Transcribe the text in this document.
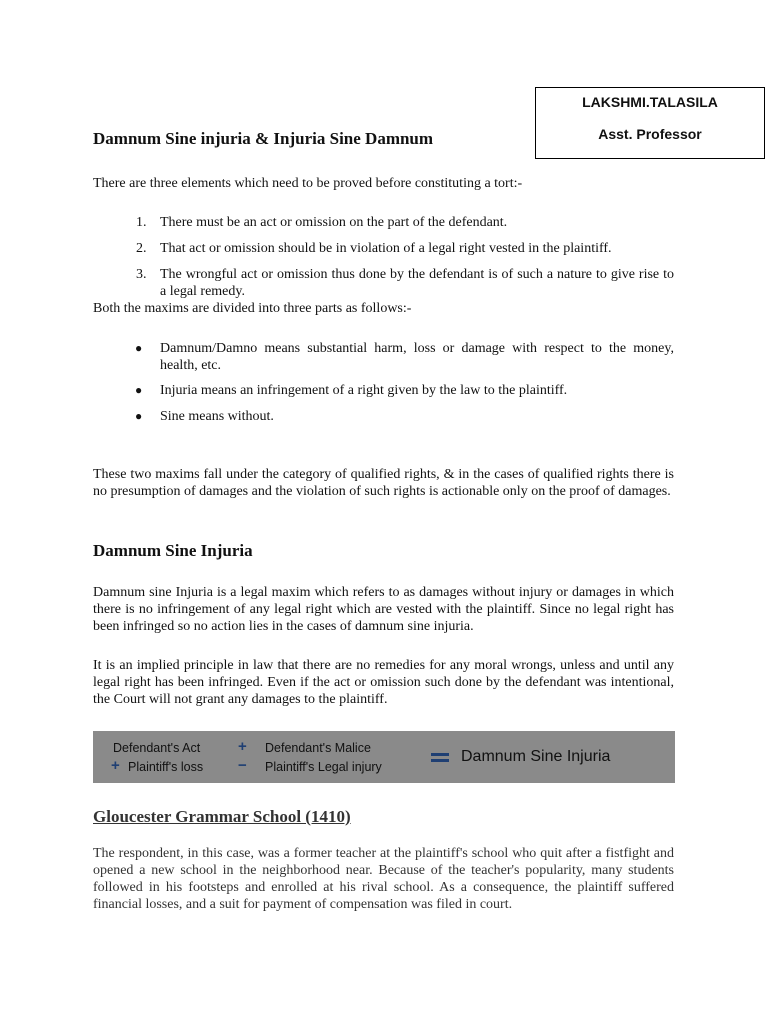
LAKSHMI.TALASILA
Asst. Professor
Damnum Sine injuria & Injuria Sine Damnum

There are three elements which need to be proved before constituting a tort:-

1. There must be an act or omission on the part of the defendant.
2. That act or omission should be in violation of a legal right vested in the plaintiff.
3. The wrongful act or omission thus done by the defendant is of such a nature to give rise to a legal remedy.

Both the maxims are divided into three parts as follows:-

● Damnum/Damno means substantial harm, loss or damage with respect to the money, health, etc.
● Injuria means an infringement of a right given by the law to the plaintiff.
● Sine means without.

These two maxims fall under the category of qualified rights, & in the cases of qualified rights there is no presumption of damages and the violation of such rights is actionable only on the proof of damages.

Damnum Sine Injuria

Damnum sine Injuria is a legal maxim which refers to as damages without injury or damages in which there is no infringement of any legal right which are vested with the plaintiff. Since no legal right has been infringed so no action lies in the cases of damnum sine injuria.

It is an implied principle in law that there are no remedies for any moral wrongs, unless and until any legal right has been infringed. Even if the act or omission such done by the defendant was intentional, the Court will not grant any damages to the plaintiff.

Defendant's Act	+ Defendant's Malice
+ Plaintiff's loss − Plaintiff's Legal injury
Damnum Sine Injuria
Gloucester Grammar School (1410)

The respondent, in this case, was a former teacher at the plaintiff's school who quit after a fistfight and opened a new school in the neighborhood near. Because of the teacher's popularity, many students followed in his footsteps and enrolled at his rival school. As a consequence, the plaintiff suffered financial losses, and a suit for payment of compensation was filed in court.
